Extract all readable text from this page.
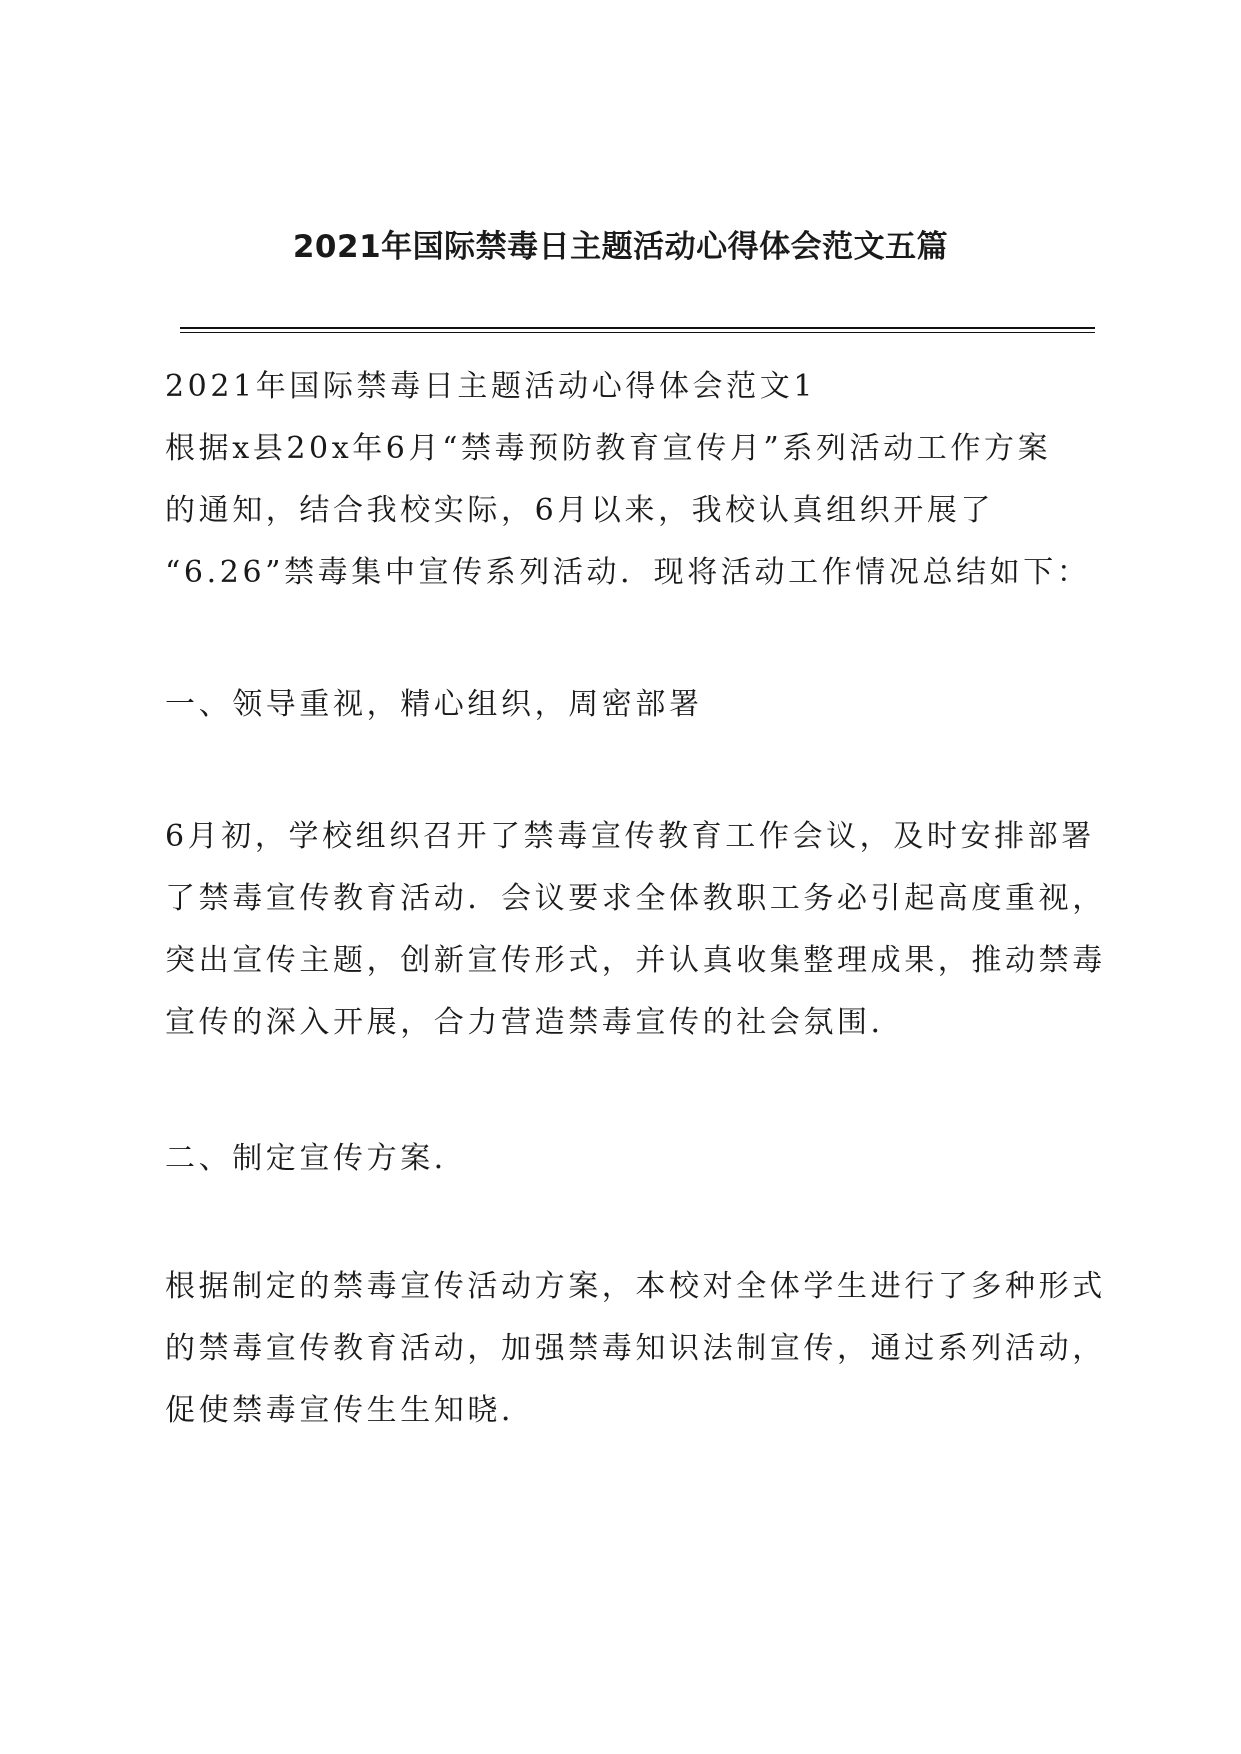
2021年国际禁毒日主题活动心得体会范文五篇
2021年国际禁毒日主题活动心得体会范文1
根据x县20x年6月“禁毒预防教育宣传月”系列活动工作方案
的通知，结合我校实际，6月以来，我校认真组织开展了
“6.26”禁毒集中宣传系列活动．现将活动工作情况总结如下：
一、领导重视，精心组织，周密部署
6月初，学校组织召开了禁毒宣传教育工作会议，及时安排部署
了禁毒宣传教育活动．会议要求全体教职工务必引起高度重视，
突出宣传主题，创新宣传形式，并认真收集整理成果，推动禁毒
宣传的深入开展，合力营造禁毒宣传的社会氛围．
二、制定宣传方案．
根据制定的禁毒宣传活动方案，本校对全体学生进行了多种形式
的禁毒宣传教育活动，加强禁毒知识法制宣传，通过系列活动，
促使禁毒宣传生生知晓．
